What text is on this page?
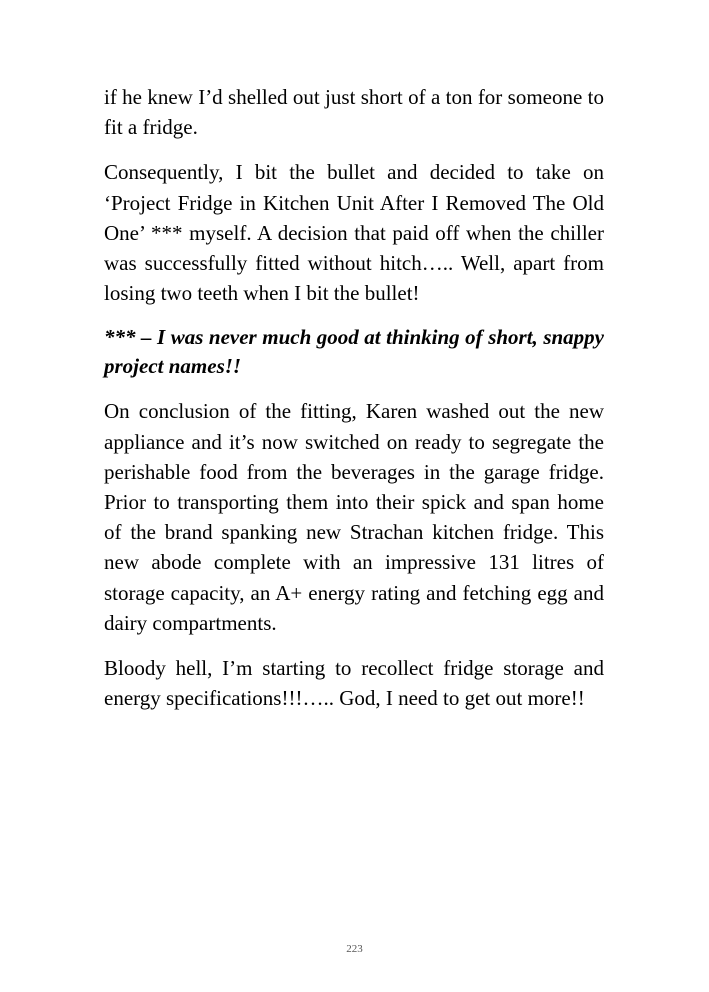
if he knew I’d shelled out just short of a ton for someone to fit a fridge.

Consequently, I bit the bullet and decided to take on ‘Project Fridge in Kitchen Unit After I Removed The Old One’ *** myself. A decision that paid off when the chiller was successfully fitted without hitch….. Well, apart from losing two teeth when I bit the bullet!

*** – I was never much good at thinking of short, snappy project names!!

On conclusion of the fitting, Karen washed out the new appliance and it’s now switched on ready to segregate the perishable food from the beverages in the garage fridge. Prior to transporting them into their spick and span home of the brand spanking new Strachan kitchen fridge. This new abode complete with an impressive 131 litres of storage capacity, an A+ energy rating and fetching egg and dairy compartments.

Bloody hell, I’m starting to recollect fridge storage and energy specifications!!!….. God, I need to get out more!!

223
